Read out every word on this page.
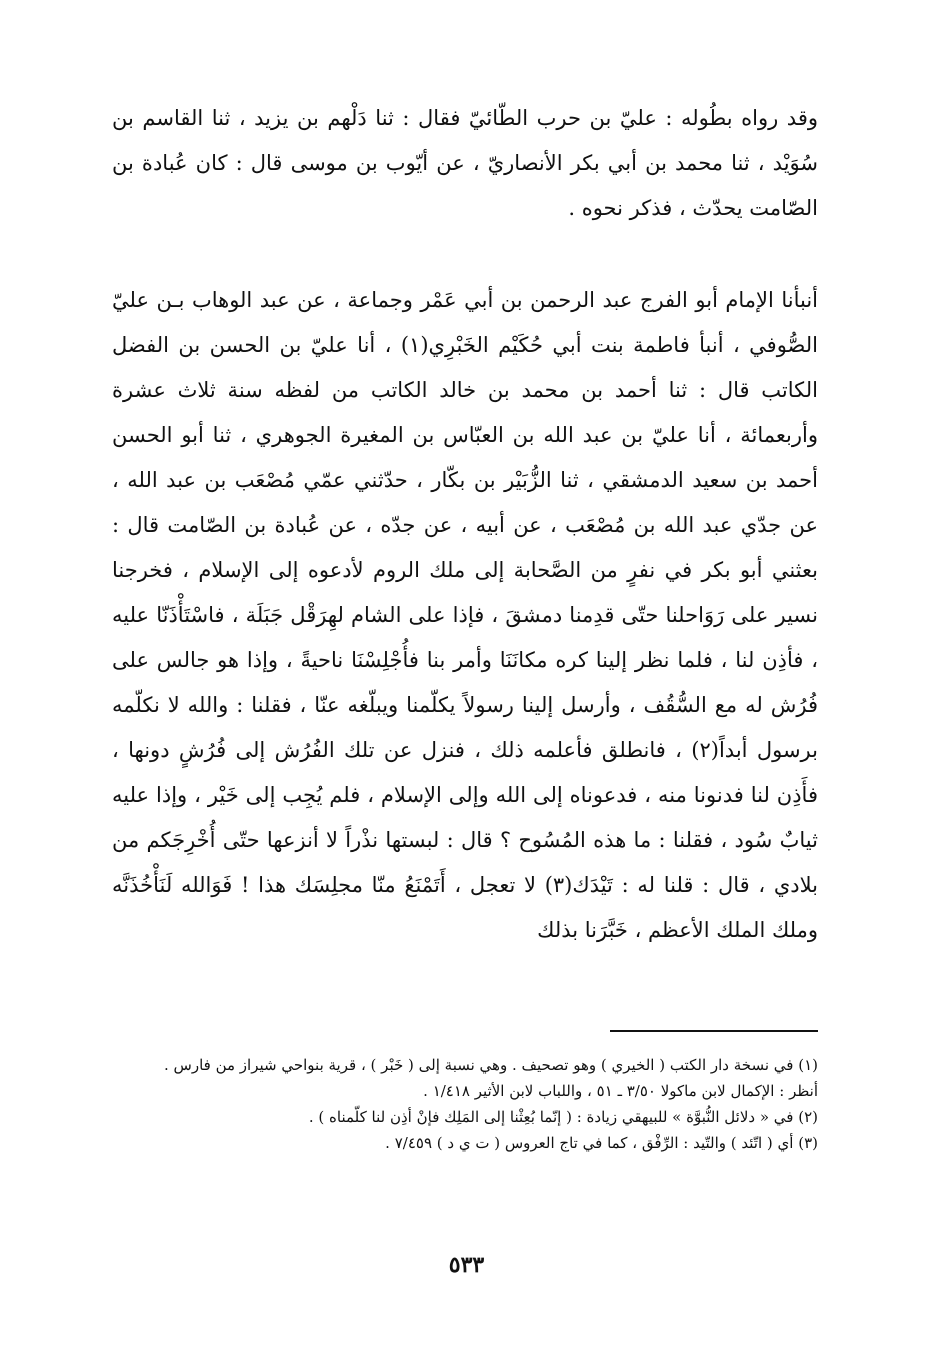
وقد رواه بطُوله : عليّ بن حرب الطّائيّ فقال : ثنا دَلْهم بن يزيد ، ثنا القاسم بن سُوَيْد ، ثنا محمد بن أبي بكر الأنصاريّ ، عن أيّوب بن موسى قال : كان عُبادة بن الصّامت يحدّث ، فذكر نحوه .

أنبأنا الإمام أبو الفرج عبد الرحمن بن أبي عَمْر وجماعة ، عن عبد الوهاب بـن عليّ الصُّوفي ، أنبأ فاطمة بنت أبي حُكَيْم الخَبْرِي(١) ، أنا عليّ بن الحسن بن الفضل الكاتب قال : ثنا أحمد بن محمد بن خالد الكاتب من لفظه سنة ثلاث عشرة وأربعمائة ، أنا عليّ بن عبد الله بن العبّاس بن المغيرة الجوهري ، ثنا أبو الحسن أحمد بن سعيد الدمشقي ، ثنا الزُّبَيْر بن بكّار ، حدّثني عمّي مُصْعَب بن عبد الله ، عن جدّي عبد الله بن مُصْعَب ، عن أبيه ، عن جدّه ، عن عُبادة بن الصّامت قال : بعثني أبو بكر في نفرٍ من الصَّحابة إلى ملك الروم لأدعوه إلى الإسلام ، فخرجنا نسير على رَوَاحلنا حتّى قدِمنا دمشقَ ، فإذا على الشام لهِرَقْل جَبَلَة ، فاسْتَأْذَنّا عليه ، فأذِن لنا ، فلما نظر إلينا كره مكانَنَا وأمر بنا فأُجْلِسْنَا ناحيةً ، وإذا هو جالس على فُرُش له مع السُّقُف ، وأرسل إلينا رسولاً يكلّمنا ويبلّغه عنّا ، فقلنا : والله لا نكلّمه برسول أبداً(٢) ، فانطلق فأعلمه ذلك ، فنزل عن تلك الفُرُش إلى فُرُشٍ دونها ، فأَذِن لنا فدنونا منه ، فدعوناه إلى الله وإلى الإسلام ، فلم يُجِب إلى خَيْر ، وإذا عليه ثيابٌ سُود ، فقلنا : ما هذه المُسُوح ؟ قال : لبستها نذْراً لا أنزعها حتّى أُخْرِجَكم من بلادي ، قال : قلنا له : تَيْدَك(٣) لا تعجل ، أَتَمْنَعُ منّا مجلِسَك هذا ! فَوَالله لَنَأْخُذَنَّه وملك الملك الأعظم ، خَبَّرَنا بذلك

(١) في نسخة دار الكتب ( الخيري ) وهو تصحيف . وهي نسبة إلى ( خَبْر ) ، قرية بنواحي شيراز من فارس .

أنظر : الإكمال لابن ماكولا ٣/٥٠ ـ ٥١ ، واللباب لابن الأثير ١/٤١٨ .

(٢) في « دلائل النُّبوَّة » للبيهقي زيادة : ( إنّما بُعِثْنا إلى المَلِك فإنْ أذِن لنا كلّمناه ) .

(٣) أي ( اتّئد ) والتّيد : الرِّفْق ، كما في تاج العروس ( ت ي د ) ٧/٤٥٩ .

٥٣٣
